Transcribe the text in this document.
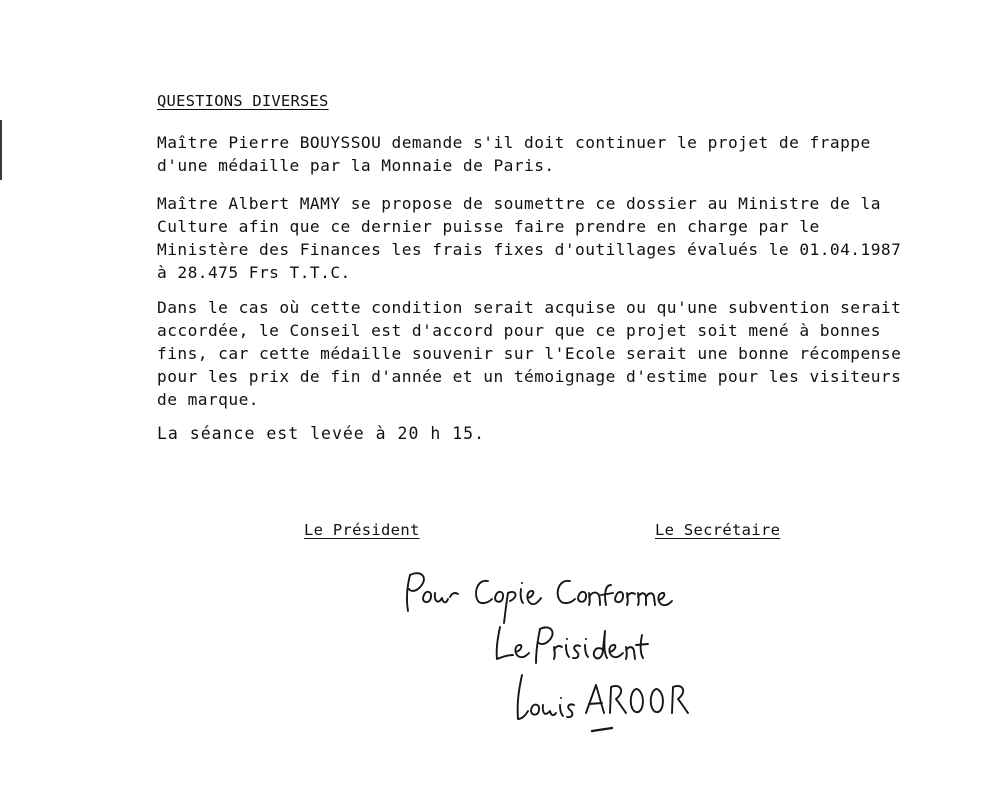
QUESTIONS DIVERSES
Maître Pierre BOUYSSOU demande s'il doit continuer le projet de frappe
d'une médaille par la Monnaie de Paris.
Maître Albert MAMY se propose de soumettre ce dossier au Ministre de la
Culture afin que ce dernier puisse faire prendre en charge par le
Ministère des Finances les frais fixes d'outillages évalués le 01.04.1987
à 28.475 Frs T.T.C.
Dans le cas où cette condition serait acquise ou qu'une subvention serait
accordée, le Conseil est d'accord pour que ce projet soit mené à bonnes
fins, car cette médaille souvenir sur l'Ecole serait une bonne récompense
pour les prix de fin d'année et un témoignage d'estime pour les visiteurs
de marque.
La séance est levée à 20 h 15.
Le Président	Le Secrétaire
